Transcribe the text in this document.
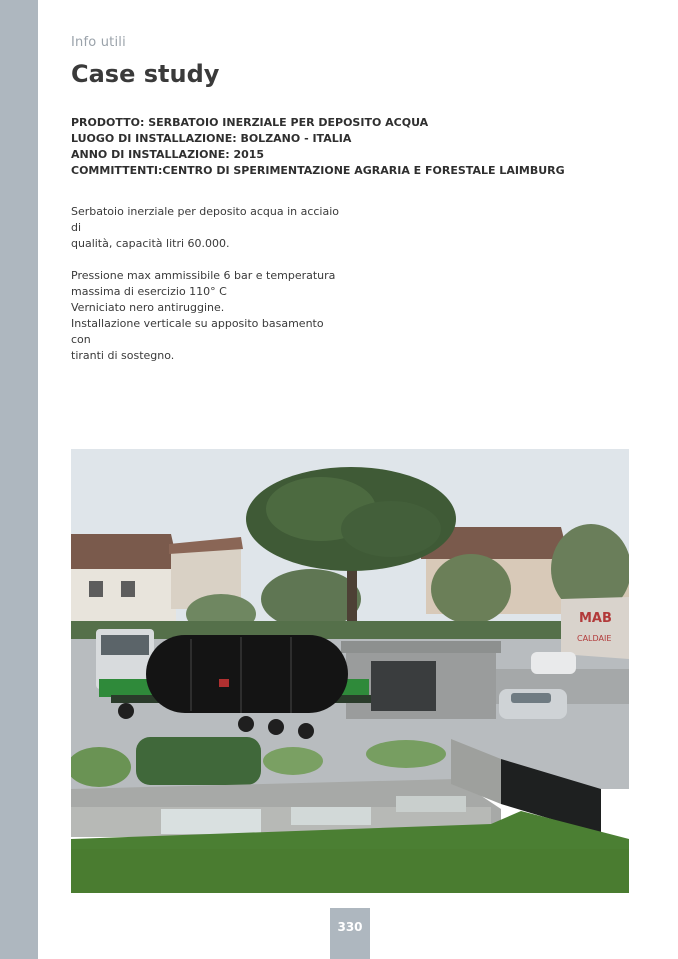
Info utili
Case study
PRODOTTO: SERBATOIO INERZIALE PER DEPOSITO ACQUA
LUOGO DI INSTALLAZIONE: BOLZANO - ITALIA
ANNO DI INSTALLAZIONE: 2015
COMMITTENTI:CENTRO DI SPERIMENTAZIONE AGRARIA E FORESTALE LAIMBURG

Serbatoio inerziale per deposito acqua in acciaio di
qualità, capacità litri 60.000.

Pressione max ammissibile 6 bar e temperatura
massima di esercizio 110° C
Verniciato nero antiruggine.
Installazione verticale su apposito basamento con
tiranti di sostegno.

MAB
CALDAIE
330
